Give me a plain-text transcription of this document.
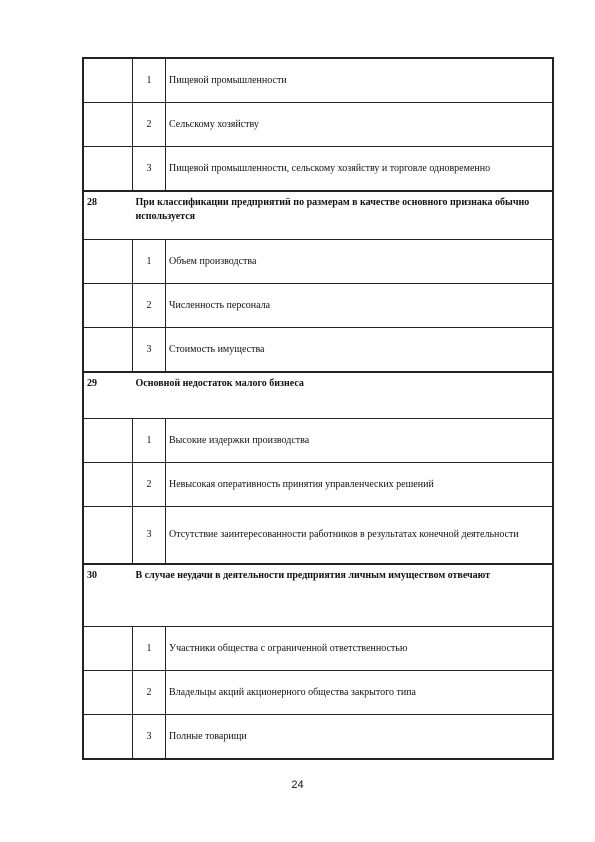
	1	Пищевой промышленности
	2	Сельскому хозяйству
	3	Пищевой промышленности, сельскому хозяйству и торговле одновременно
28	При классификации предприятий по размерам в качестве основного признака обычно используется	
	1	Объем производства
	2	Численность персонала
	3	Стоимость имущества
29	Основной недостаток малого бизнеса	
	1	Высокие издержки производства
	2	Невысокая оперативность принятия управленческих решений
	3	Отсутствие заинтересованности работников в результатах конечной деятельности
30	В случае неудачи в деятельности предприятия личным имуществом отвечают	
	1	Участники общества с ограниченной ответственностью
	2	Владельцы акций акционерного общества закрытого типа
	3	Полные товарищи
24
